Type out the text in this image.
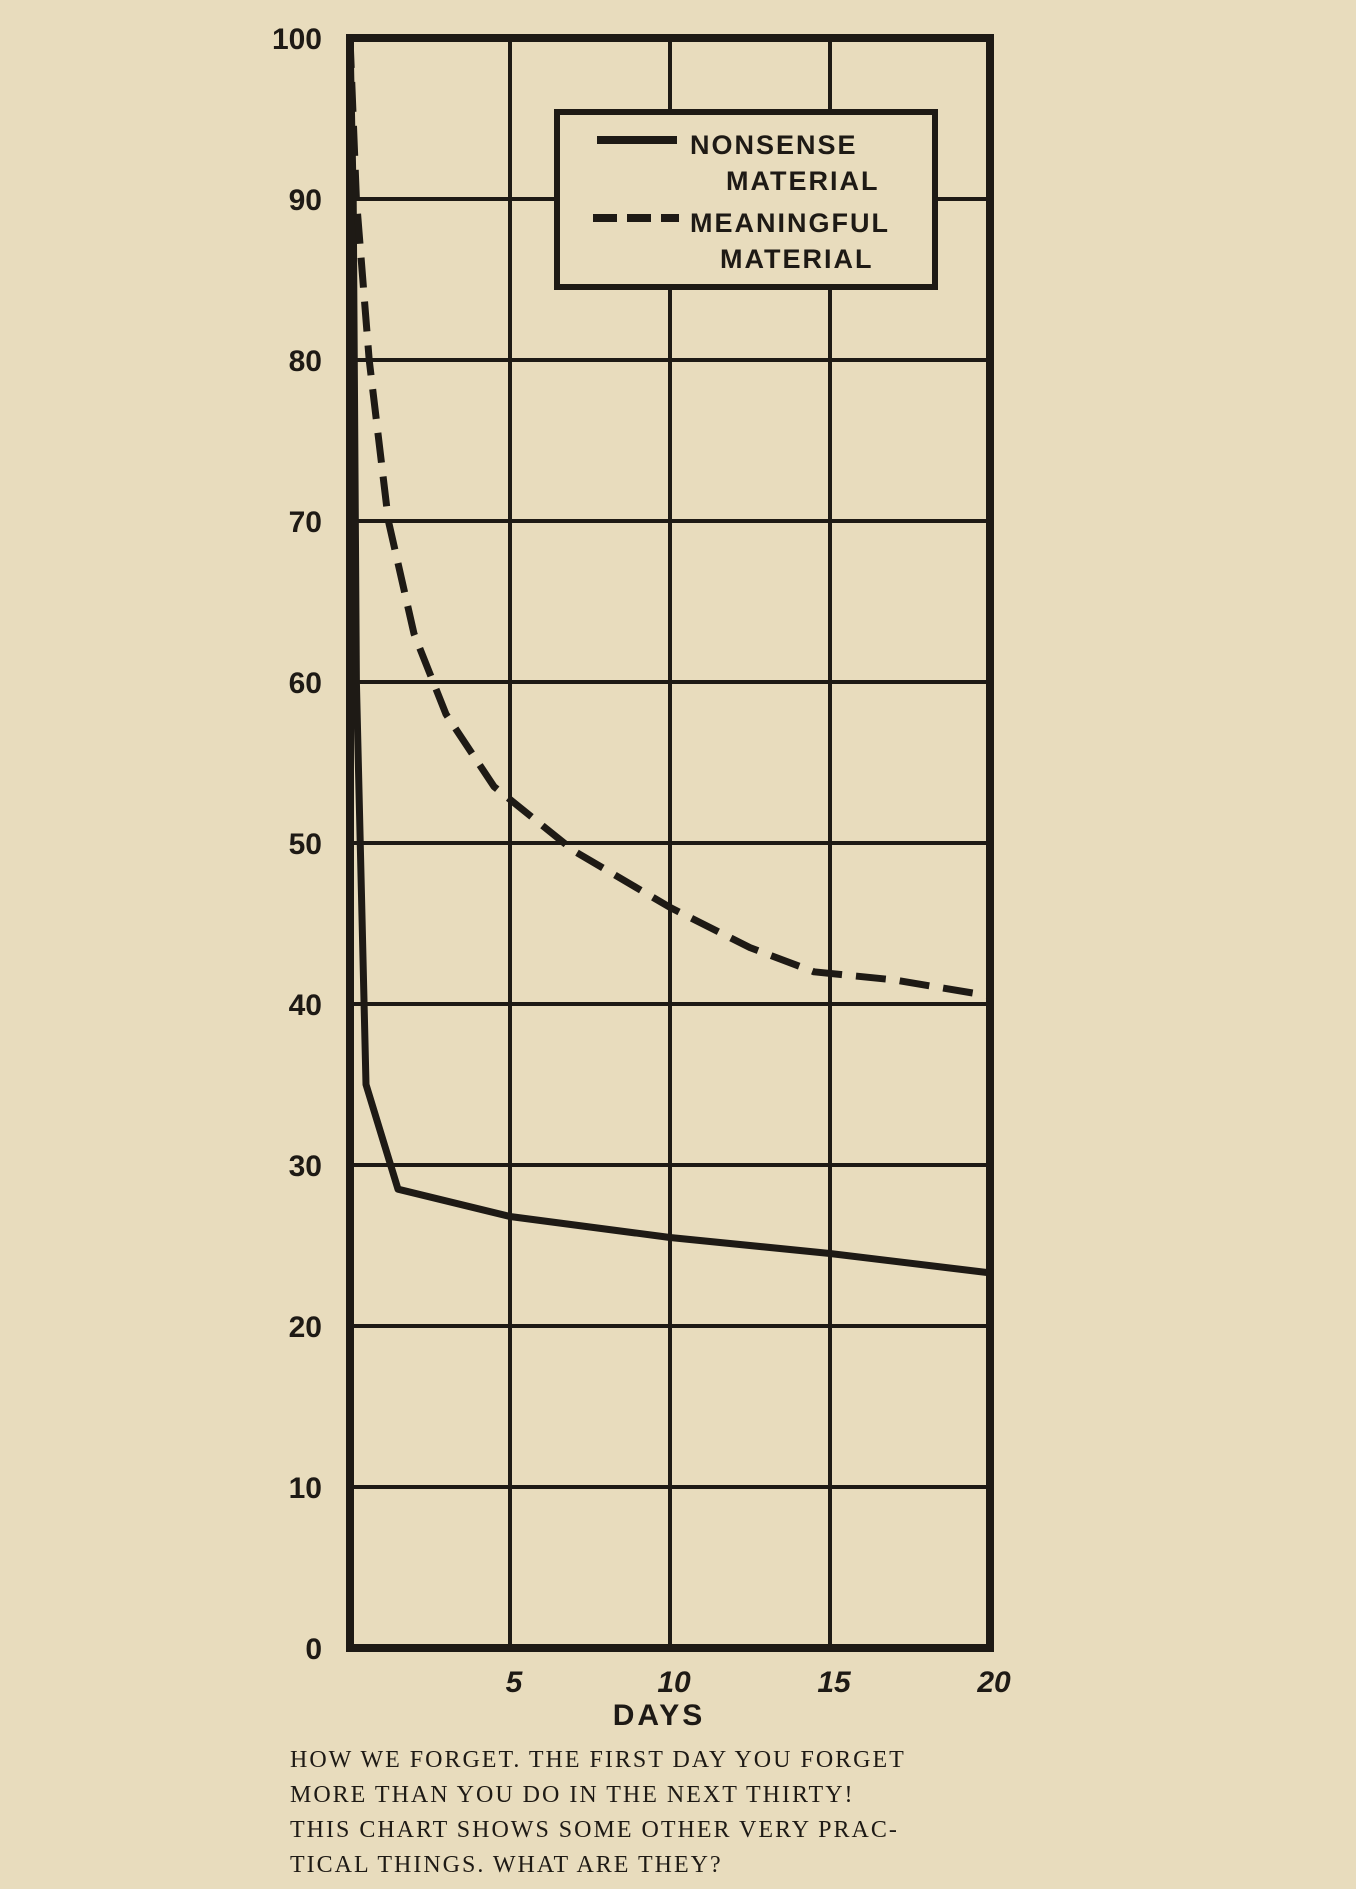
0
10
20
30
40
50
60
70
80
90
100
5	10	15	20
DAYS
NONSENSE
MATERIAL
MEANINGFUL
MATERIAL

HOW WE FORGET. THE FIRST DAY YOU FORGET
MORE THAN YOU DO IN THE NEXT THIRTY!
THIS CHART SHOWS SOME OTHER VERY PRAC-
TICAL THINGS. WHAT ARE THEY?
